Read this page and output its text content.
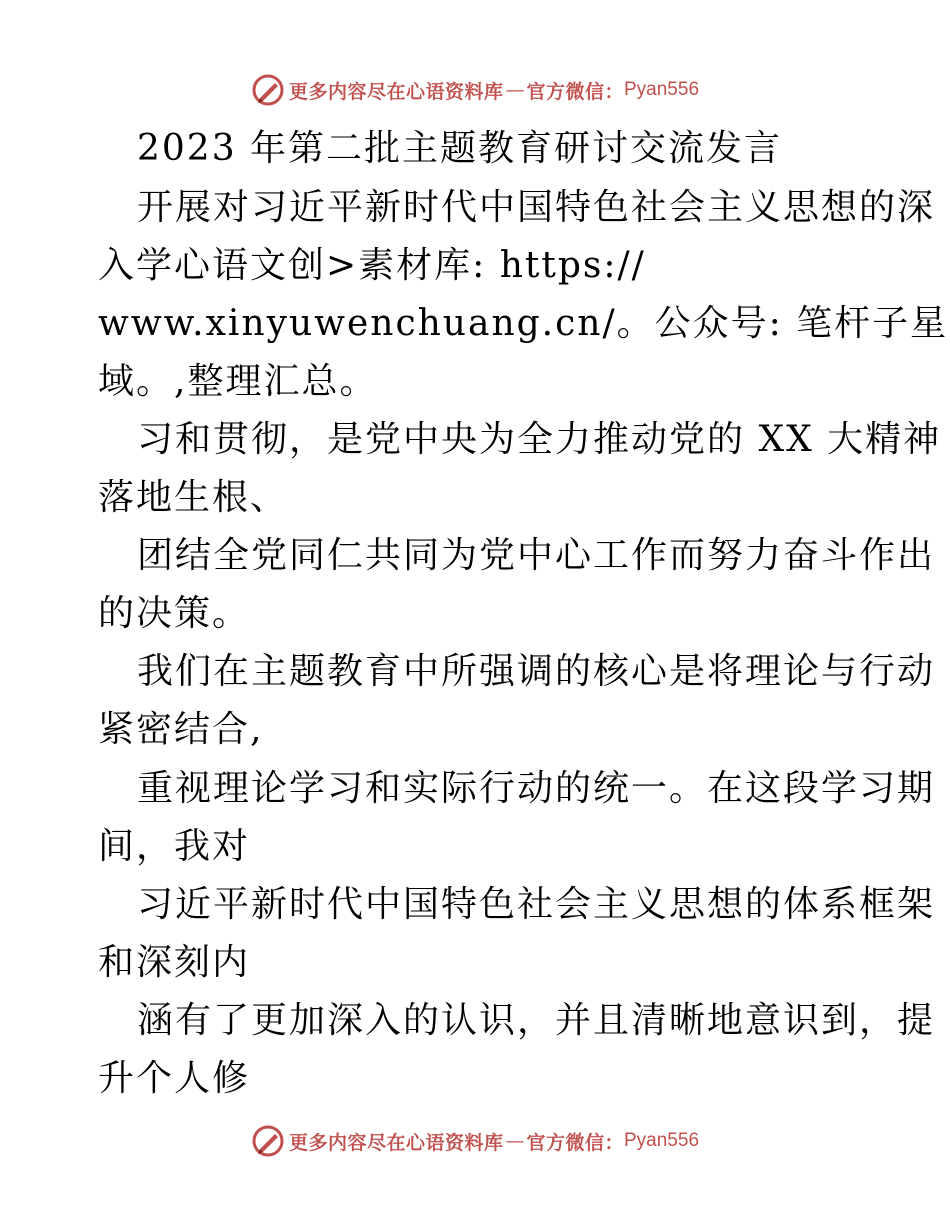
更多内容尽在心语资料库 — 官方微信： Pyan556
2023 年第二批主题教育研讨交流发言
开展对习近平新时代中国特色社会主义思想的深
入学心语文创>素材库: https://
www.xinyuwenchuang.cn/。公众号: 笔杆子星
域。,整理汇总。
习和贯彻，是党中央为全力推动党的 XX 大精神
落地生根、
团结全党同仁共同为党中心工作而努力奋斗作出
的决策。
我们在主题教育中所强调的核心是将理论与行动
紧密结合,
重视理论学习和实际行动的统一。在这段学习期
间，我对
习近平新时代中国特色社会主义思想的体系框架
和深刻内
涵有了更加深入的认识，并且清晰地意识到，提
升个人修
更多内容尽在心语资料库 — 官方微信： Pyan556
